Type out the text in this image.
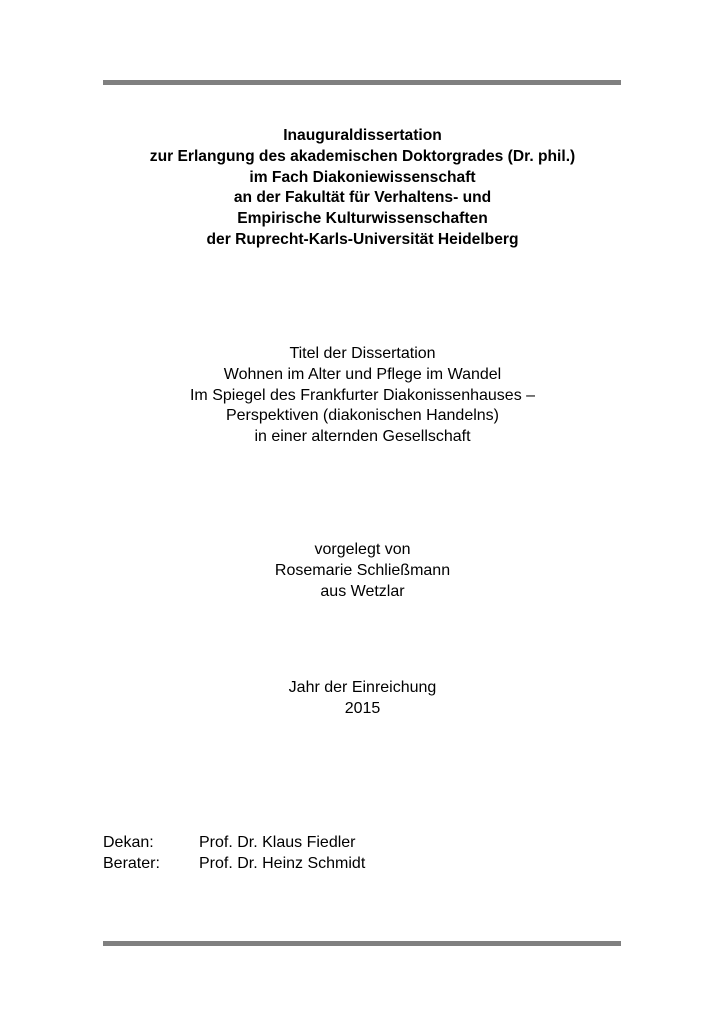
Inauguraldissertation
zur Erlangung des akademischen Doktorgrades (Dr. phil.)
im Fach Diakoniewissenschaft
an der Fakultät für Verhaltens- und
Empirische Kulturwissenschaften
der Ruprecht-Karls-Universität Heidelberg
Titel der Dissertation
Wohnen im Alter und Pflege im Wandel
Im Spiegel des Frankfurter Diakonissenhauses –
Perspektiven (diakonischen Handelns)
in einer alternden Gesellschaft
vorgelegt von
Rosemarie Schließmann
aus Wetzlar
Jahr der Einreichung
2015
Dekan:	Prof. Dr. Klaus Fiedler
Berater:	Prof. Dr. Heinz Schmidt
